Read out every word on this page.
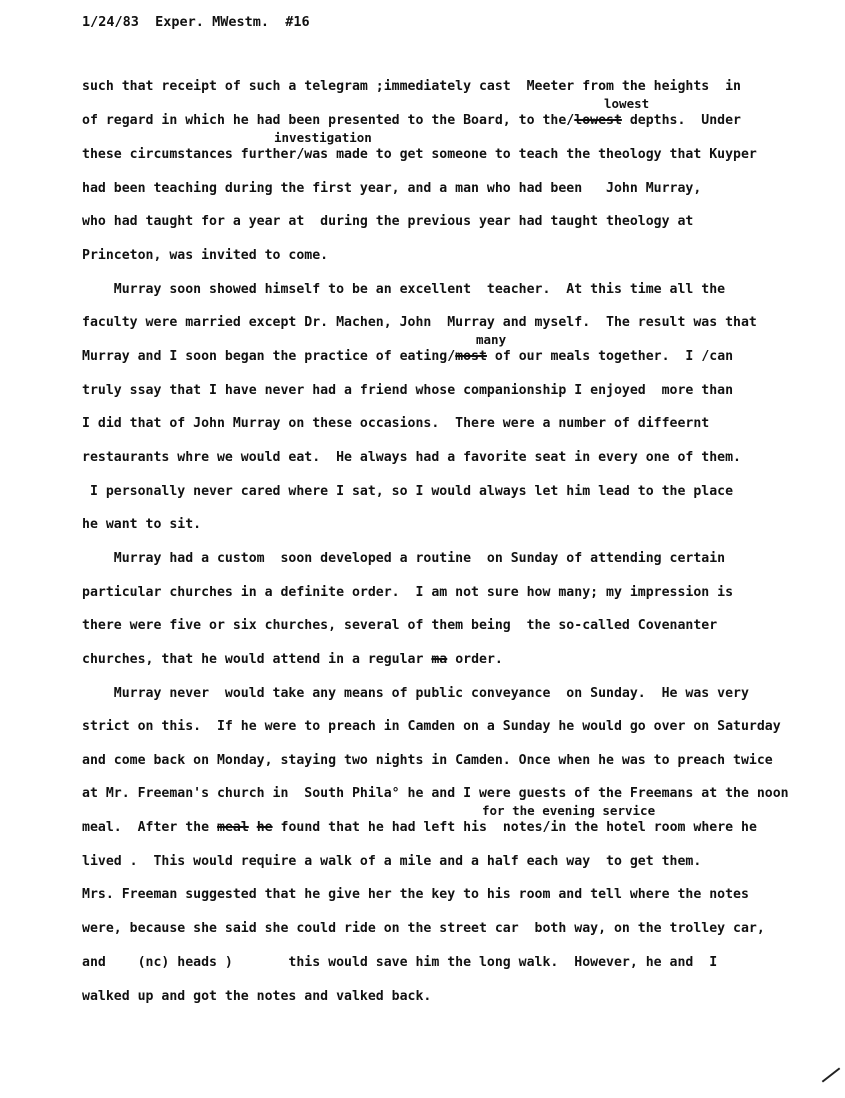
1/24/83 Exper. MWestm. #16
such that receipt of such a telegram ;immediately cast  Meeter from the heights  in
lowest
of regard in which he had been presented to the Board, to the/lowest depths.  Under
investigation
these circumstances further/was made to get someone to teach the theology that Kuyper
had been teaching during the first year, and a man who had been   John Murray,
who had taught for a year at  during the previous year had taught theology at
Princeton, was invited to come.
Murray soon showed himself to be an excellent  teacher.  At this time all the
faculty were married except Dr. Machen, John  Murray and myself.  The result was that
many
Murray and I soon began the practice of eating/most of our meals together.  I /can
truly ssay that I have never had a friend whose companionship I enjoyed  more than
I did that of John Murray on these occasions.  There were a number of diffeernt
restaurants whre we would eat.  He always had a favorite seat in every one of them.
I personally never cared where I sat, so I would always let him lead to the place
he want to sit.
Murray had a custom  soon developed a routine  on Sunday of attending certain
particular churches in a definite order.  I am not sure how many; my impression is
there were five or six churches, several of them being  the so-called Covenanter
churches, that he would attend in a regular ma order.
Murray never  would take any means of public conveyance  on Sunday.  He was very
strict on this.  If he were to preach in Camden on a Sunday he would go over on Saturday
and come back on Monday, staying two nights in Camden. Once when he was to preach twice
at Mr. Freeman's church in  South Phila° he and I were guests of the Freemans at the noon
for the evening service
meal.  After the meal he found that he had left his  notes/in the hotel room where he
lived .  This would require a walk of a mile and a half each way  to get them.
Mrs. Freeman suggested that he give her the key to his room and tell where the notes
were, because she said she could ride on the street car  both way, on the trolley car,
and    (nc) heads )       this would save him the long walk.  However, he and  I
walked up and got the notes and valked back.
